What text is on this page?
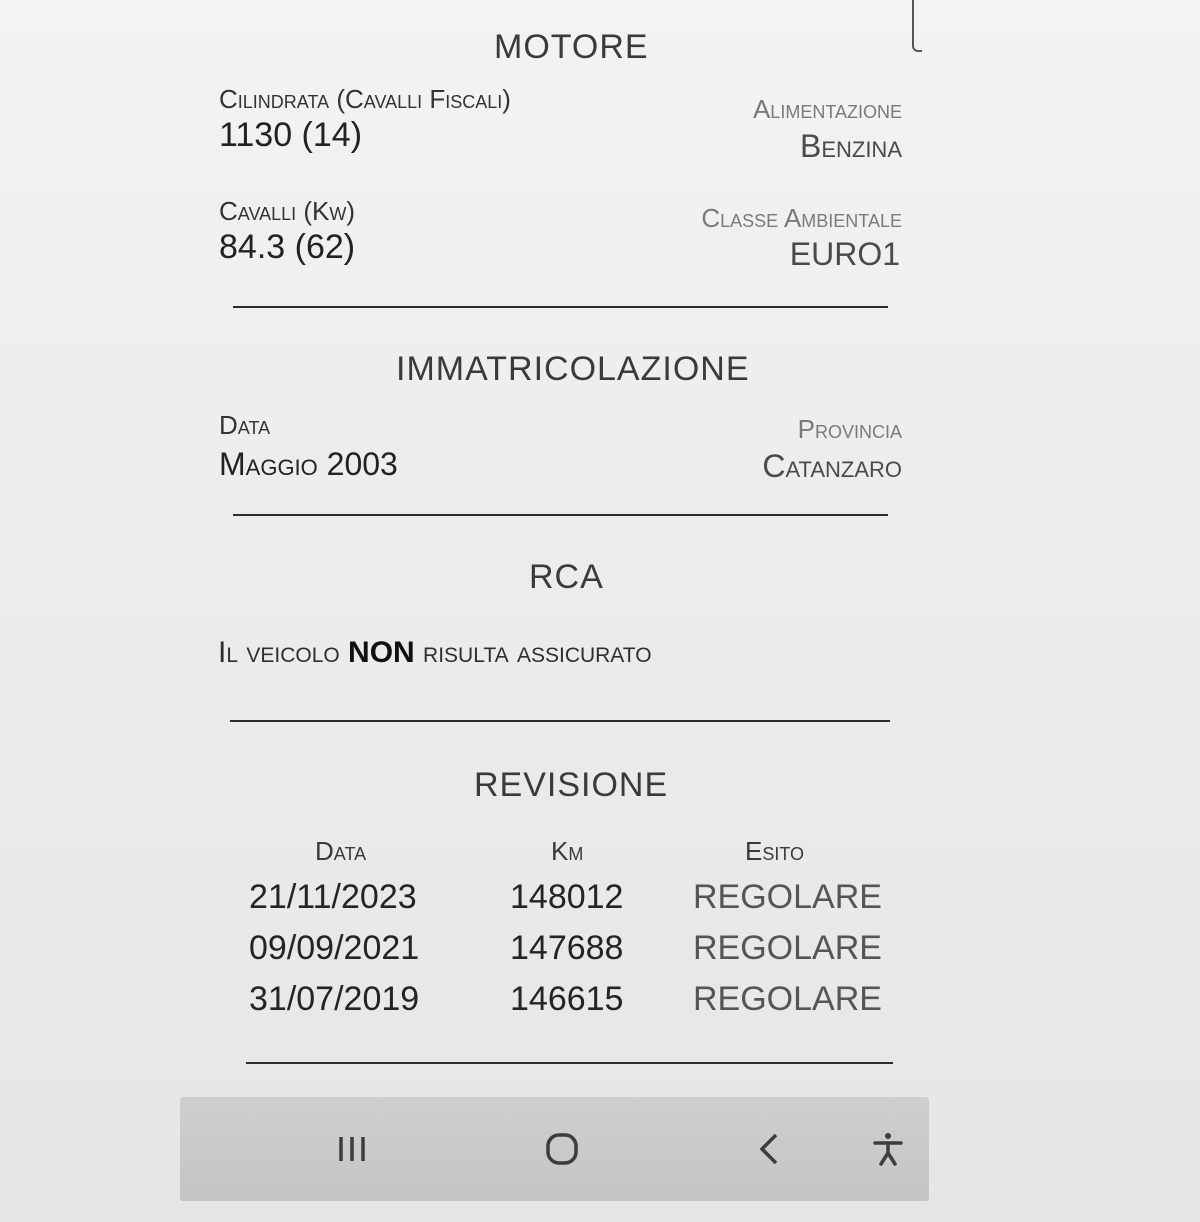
MOTORE
Cilindrata (Cavalli Fiscali)
1130 (14)
Alimentazione
Benzina
Cavalli (Kw)
84.3 (62)
Classe Ambientale
EURO1
IMMATRICOLAZIONE
Data
Maggio 2003
Provincia
Catanzaro
RCA
Il veicolo NON risulta assicurato
REVISIONE
Data	Km	Esito
21/11/2023	148012 REGOLARE
09/09/2021	147688 REGOLARE
31/07/2019	146615 REGOLARE
